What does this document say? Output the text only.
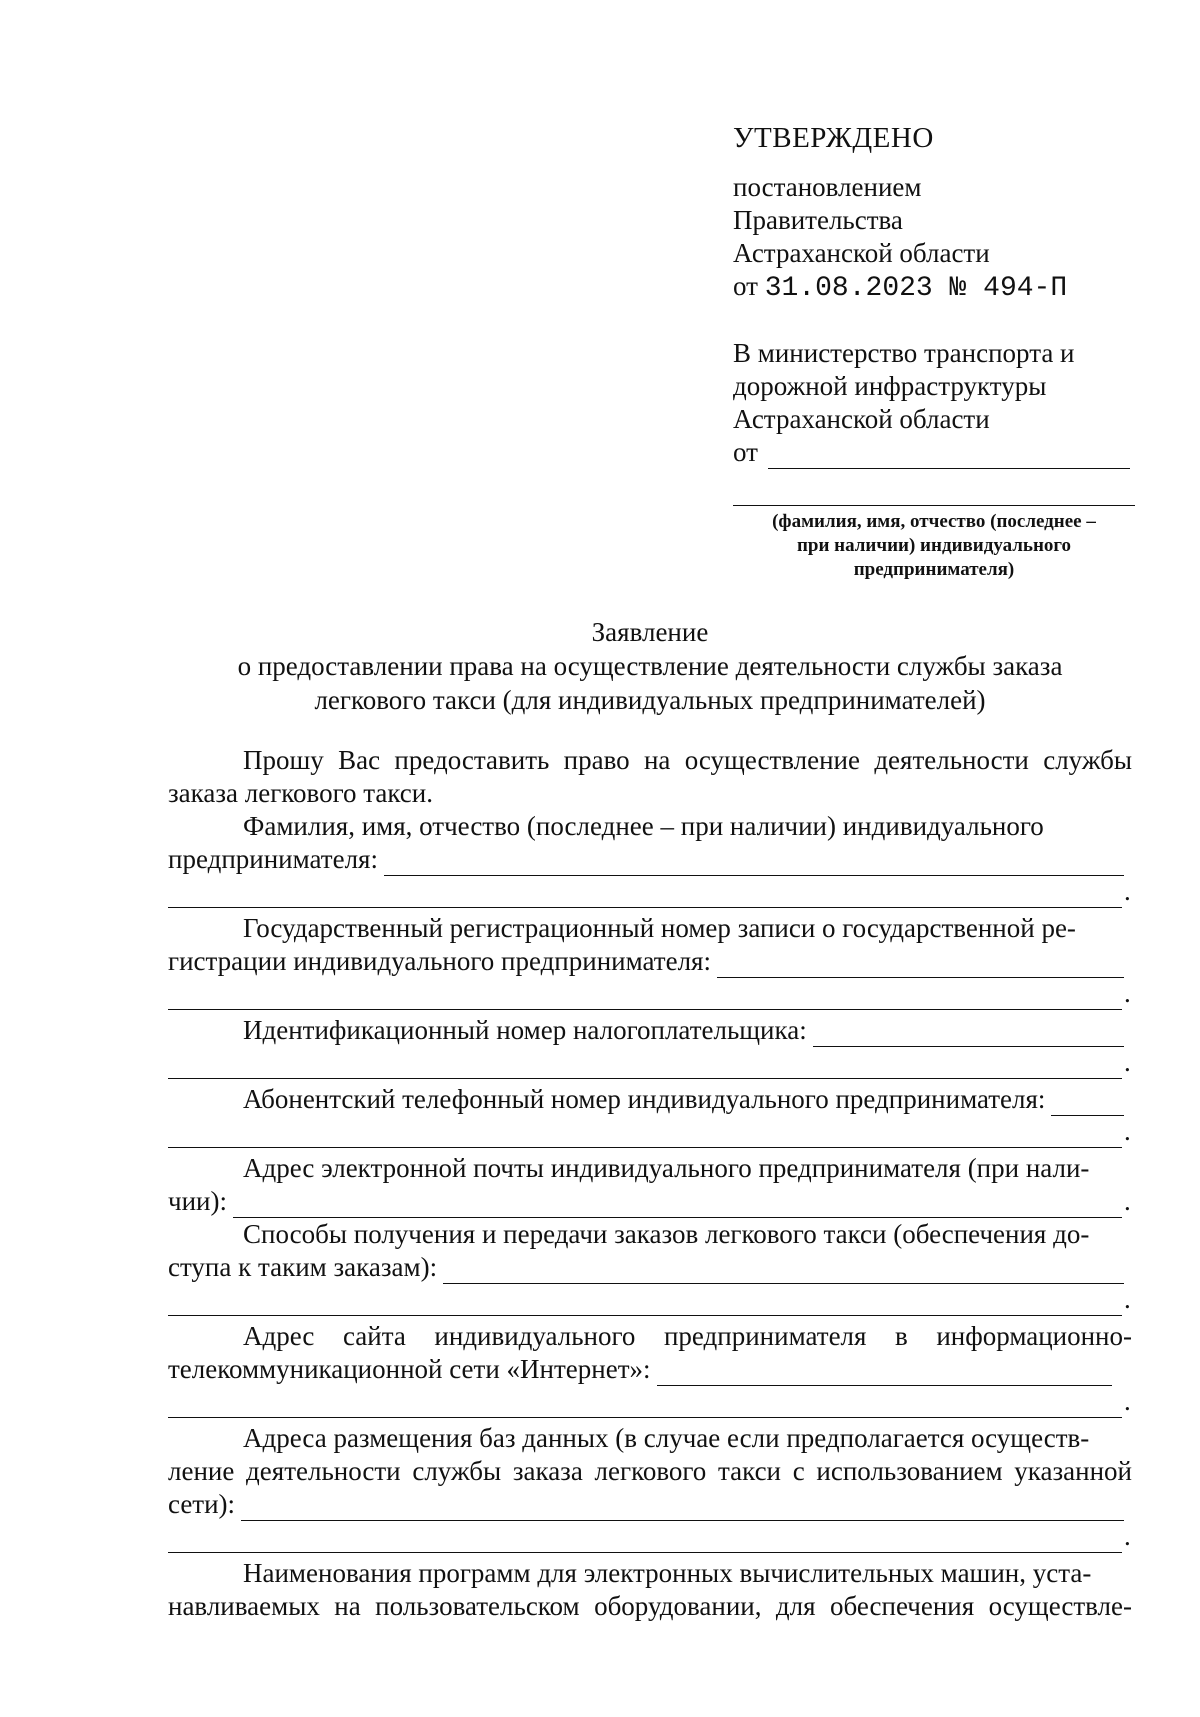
УТВЕРЖДЕНО
постановлением
Правительства
Астраханской области
от 31.08.2023 № 494-П
В министерство транспорта и
дорожной инфраструктуры
Астраханской области
от
(фамилия, имя, отчество (последнее –
при наличии) индивидуального
предпринимателя)
Заявление
о предоставлении права на осуществление деятельности службы заказа
легкового такси (для индивидуальных предпринимателей)

Прошу Вас предоставить право на осуществление деятельности службы заказа легкового такси.

Фамилия, имя, отчество (последнее – при наличии) индивидуального

предпринимателя:
.

Государственный регистрационный номер записи о государственной ре-

гистрации индивидуального предпринимателя:
.
Идентификационный номер налогоплательщика:
.
Абонентский телефонный номер индивидуального предпринимателя:
.

Адрес электронной почты индивидуального предпринимателя (при нали-

чии):	.

Способы получения и передачи заказов легкового такси (обеспечения до-

ступа к таким заказам):
.

Адрес сайта индивидуального предпринимателя в информационно-

телекоммуникационной сети «Интернет»:
.

Адреса размещения баз данных (в случае если предполагается осуществ-

ление деятельности службы заказа легкового такси с использованием указанной

сети):
.

Наименования программ для электронных вычислительных машин, уста-

навливаемых на пользовательском оборудовании, для обеспечения осуществле-
